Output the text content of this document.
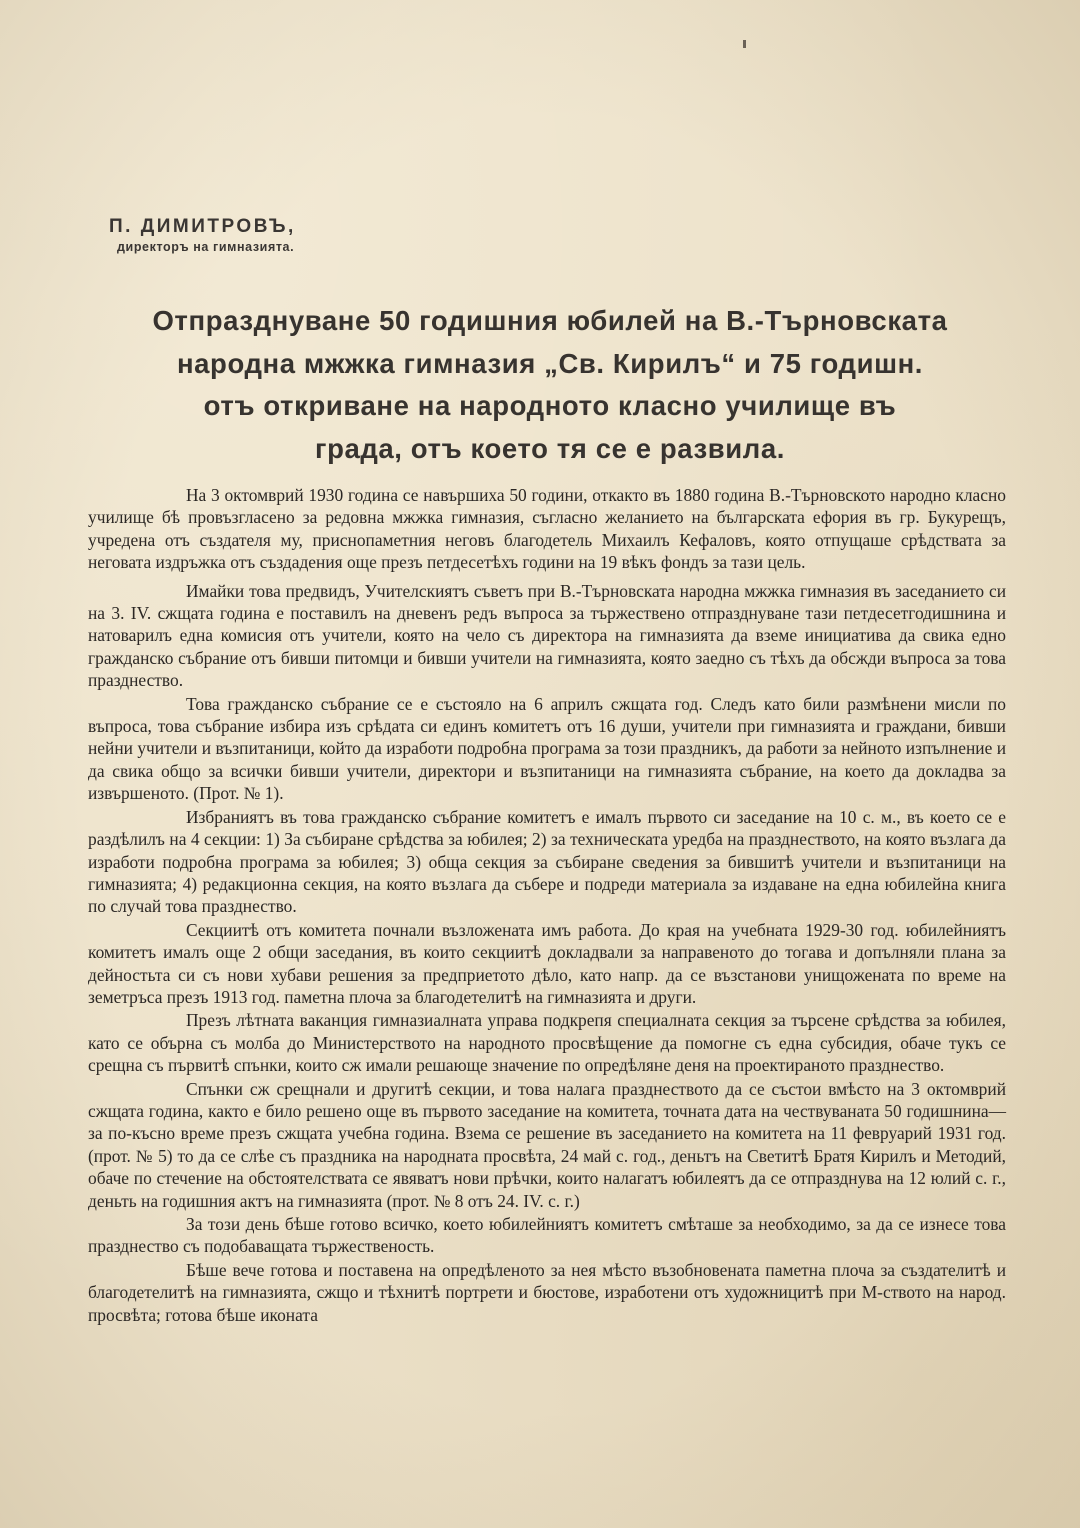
П. ДИМИТРОВЪ,
директоръ на гимназията.
Отпразднуване 50 годишния юбилей на В.-Търновската
народна мжжка гимназия „Св. Кирилъ“ и 75 годишн.
отъ откриване на народното класно училище въ
града, отъ което тя се е развила.

На 3 октомврий 1930 година се навършиха 50 години, откакто въ 1880 година В.-Търновското народно класно училище бѣ провъзгласено за редовна мжжка гимназия, съгласно желанието на българската ефория въ гр. Букурещъ, учредена отъ създателя му, приснопаметния неговъ благодетель Михаилъ Кефаловъ, която отпущаше срѣдствата за неговата издръжка отъ създадения още презъ петдесетѣхъ години на 19 вѣкъ фондъ за тази цель.

Имайки това предвидъ, Учителскиятъ съветъ при В.-Търновската народна мжжка гимназия въ заседанието си на 3. IV. сжщата година е поставилъ на дневенъ редъ въпроса за тържествено отпразднуване тази петдесетгодишнина и натоварилъ една комисия отъ учители, която на чело съ директора на гимназията да вземе инициатива да свика едно гражданско събрание отъ бивши питомци и бивши учители на гимназията, която заедно съ тѣхъ да обсжди въпроса за това празднество.

Това гражданско събрание се е състояло на 6 априлъ сжщата год. Следъ като били размѣнени мисли по въпроса, това събрание избира изъ срѣдата си единъ комитетъ отъ 16 души, учители при гимназията и граждани, бивши нейни учители и възпитаници, който да изработи подробна програма за този праздникъ, да работи за нейното изпълнение и да свика общо за всички бивши учители, директори и възпитаници на гимназията събрание, на което да докладва за извършеното. (Прот. № 1).

Избраниятъ въ това гражданско събрание комитетъ е ималъ първото си заседание на 10 с. м., въ което се е раздѣлилъ на 4 секции: 1) За събиране срѣдства за юбилея; 2) за техническата уредба на празднеството, на която възлага да изработи подробна програма за юбилея; 3) обща секция за събиране сведения за бившитѣ учители и възпитаници на гимназията; 4) редакционна секция, на която възлага да събере и подреди материала за издаване на една юбилейна книга по случай това празднество.

Секциитѣ отъ комитета почнали възложената имъ работа. До края на учебната 1929-30 год. юбилейниятъ комитетъ ималъ още 2 общи заседания, въ които секциитѣ докладвали за направеното до тогава и допълняли плана за дейностьта си съ нови хубави решения за предприетото дѣло, като напр. да се възстанови унищожената по време на земетръса презъ 1913 год. паметна плоча за благодетелитѣ на гимназията и други.

Презъ лѣтната ваканция гимназиалната управа подкрепя специалната секция за търсене срѣдства за юбилея, като се обърна съ молба до Министерството на народното просвѣщение да помогне съ една субсидия, обаче тукъ се срещна съ първитѣ спънки, които сж имали решающе значение по опредѣляне деня на проектираното празднество.

Спънки сж срещнали и другитѣ секции, и това налага празднеството да се състои вмѣсто на 3 октомврий сжщата година, както е било решено още въ първото заседание на комитета, точната дата на чествуваната 50 годишнина—за по-късно време презъ сжщата учебна година. Взема се решение въ заседанието на комитета на 11 февруарий 1931 год. (прот. № 5) то да се слѣе съ праздника на народната просвѣта, 24 май с. год., деньтъ на Светитѣ Братя Кирилъ и Методий, обаче по стечение на обстоятелствата се явяватъ нови прѣчки, които налагатъ юбилеятъ да се отпразднува на 12 юлий с. г., деньть на годишния актъ на гимназията (прот. № 8 отъ 24. IV. с. г.)

За този день бѣше готово всичко, което юбилейниятъ комитетъ смѣташе за необходимо, за да се изнесе това празднество съ подобаващата тържественость.

Бѣше вече готова и поставена на опредѣленото за нея мѣсто възобновената паметна плоча за създателитѣ и благодетелитѣ на гимназията, сжщо и тѣхнитѣ портрети и бюстове, изработени отъ художницитѣ при М-ството на народ. просвѣта; готова бѣше иконата
